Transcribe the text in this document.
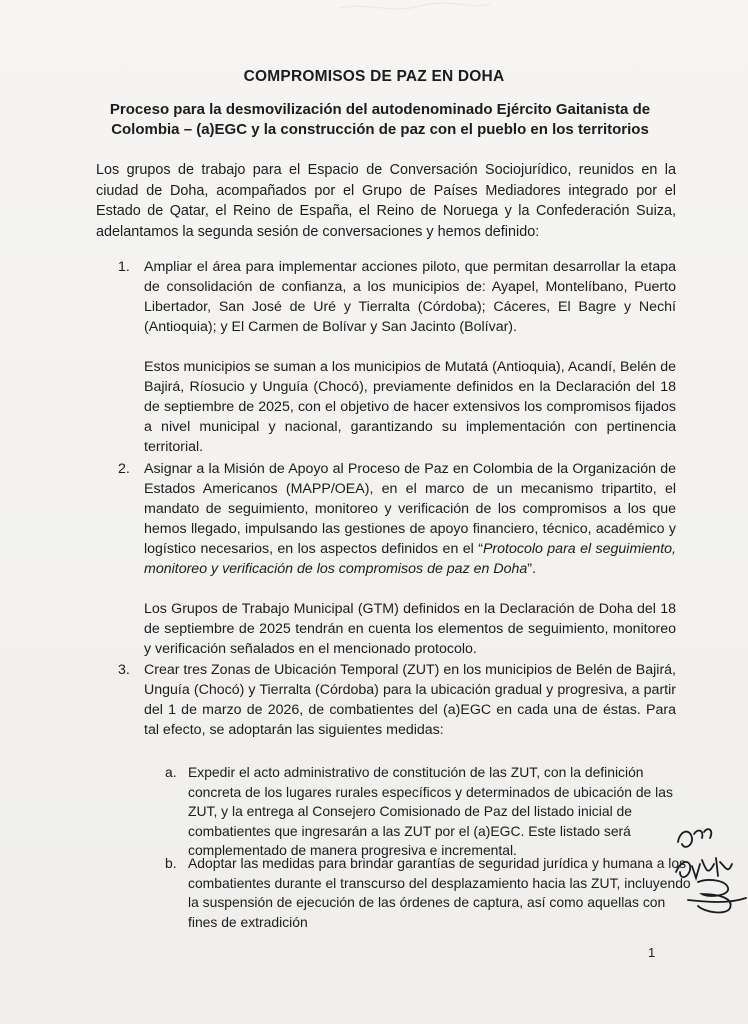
COMPROMISOS DE PAZ EN DOHA
Proceso para la desmovilización del autodenominado Ejército Gaitanista de Colombia – (a)EGC y la construcción de paz con el pueblo en los territorios
Los grupos de trabajo para el Espacio de Conversación Sociojurídico, reunidos en la ciudad de Doha, acompañados por el Grupo de Países Mediadores integrado por el Estado de Qatar, el Reino de España, el Reino de Noruega y la Confederación Suiza, adelantamos la segunda sesión de conversaciones y hemos definido:
1. Ampliar el área para implementar acciones piloto, que permitan desarrollar la etapa de consolidación de confianza, a los municipios de: Ayapel, Montelíbano, Puerto Libertador, San José de Uré y Tierralta (Córdoba); Cáceres, El Bagre y Nechí (Antioquia); y El Carmen de Bolívar y San Jacinto (Bolívar).

Estos municipios se suman a los municipios de Mutatá (Antioquia), Acandí, Belén de Bajirá, Ríosucio y Unguía (Chocó), previamente definidos en la Declaración del 18 de septiembre de 2025, con el objetivo de hacer extensivos los compromisos fijados a nivel municipal y nacional, garantizando su implementación con pertinencia territorial.

2. Asignar a la Misión de Apoyo al Proceso de Paz en Colombia de la Organización de Estados Americanos (MAPP/OEA), en el marco de un mecanismo tripartito, el mandato de seguimiento, monitoreo y verificación de los compromisos a los que hemos llegado, impulsando las gestiones de apoyo financiero, técnico, académico y logístico necesarios, en los aspectos definidos en el “Protocolo para el seguimiento, monitoreo y verificación de los compromisos de paz en Doha”.

Los Grupos de Trabajo Municipal (GTM) definidos en la Declaración de Doha del 18 de septiembre de 2025 tendrán en cuenta los elementos de seguimiento, monitoreo y verificación señalados en el mencionado protocolo.

3. Crear tres Zonas de Ubicación Temporal (ZUT) en los municipios de Belén de Bajirá, Unguía (Chocó) y Tierralta (Córdoba) para la ubicación gradual y progresiva, a partir del 1 de marzo de 2026, de combatientes del (a)EGC en cada una de éstas. Para tal efecto, se adoptarán las siguientes medidas:

a. Expedir el acto administrativo de constitución de las ZUT, con la definición concreta de los lugares rurales específicos y determinados de ubicación de las ZUT, y la entrega al Consejero Comisionado de Paz del listado inicial de combatientes que ingresarán a las ZUT por el (a)EGC. Este listado será complementado de manera progresiva e incremental.
b. Adoptar las medidas para brindar garantías de seguridad jurídica y humana a los combatientes durante el transcurso del desplazamiento hacia las ZUT, incluyendo la suspensión de ejecución de las órdenes de captura, así como aquellas con fines de extradición
1
